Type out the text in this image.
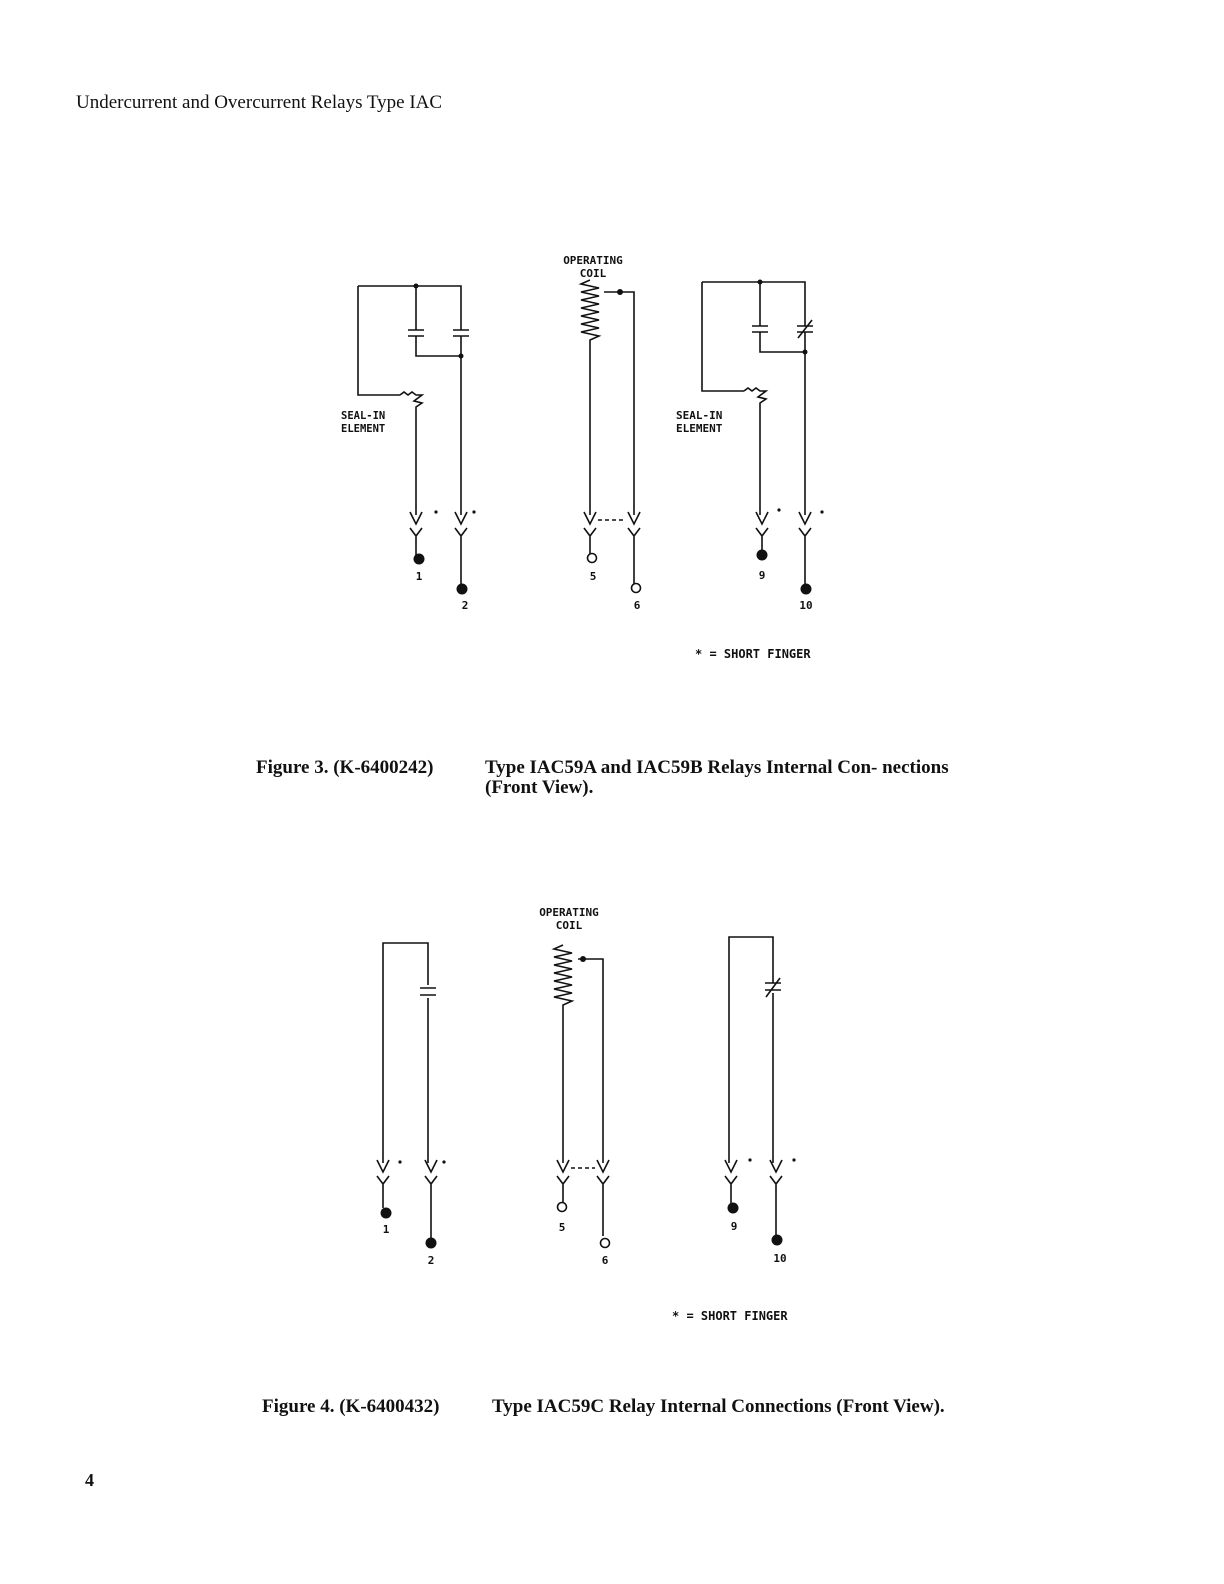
Undercurrent and Overcurrent Relays Type IAC
OPERATING
COIL
SEAL-IN
ELEMENT
SEAL-IN
ELEMENT
1
2
5
6
9
10
* = SHORT FINGER
Figure 3. (K-6400242)	Type IAC59A and IAC59B Relays Internal Con- nections (Front View).
OPERATING
COIL
1
2
5
6
9
10
* = SHORT FINGER
Figure 4. (K-6400432)	Type IAC59C Relay Internal Connections (Front View).
4
